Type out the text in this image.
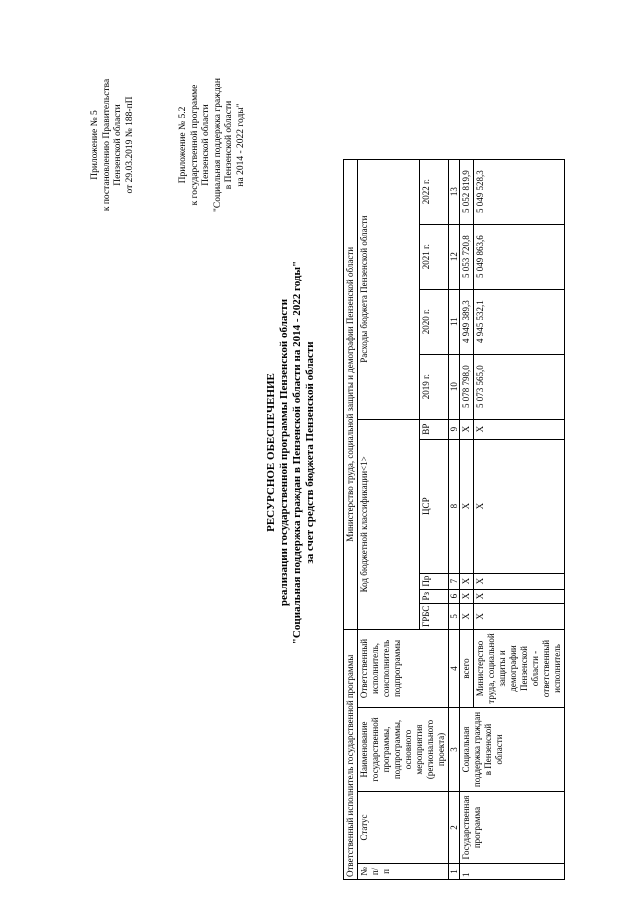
Приложение № 5 к постановлению Правительства Пензенской области от 29.03.2019 № 188-пП	Приложение № 5.2 к государственной программе Пензенской области "Социальная поддержка граждан в Пензенской области на 2014 - 2022 годы"
РЕСУРСНОЕ ОБЕСПЕЧЕНИЕ реализации государственной программы Пензенской области "Социальная поддержка граждан в Пензенской области на 2014 - 2022 годы" за счет средств бюджета Пензенской области
Ответственный исполнитель государственной программы				Министерство труда, социальной защиты и демографии Пензенской области								
№ п/п	Статус	Наименование государственной программы, подпрограммы, основного мероприятия (регионального проекта)	Ответственный исполнитель, соисполнитель подпрограммы	Код бюджетной классификации<1>					Расходы бюджета Пензенской области			
				ГРБС	Рз	Пр	ЦСР	ВР	2019 г.	2020 г.	2021 г.	2022 г.
1	2	3	4	5	6	7	8	9	10	11	12	13
1	Государственная программа	Социальная поддержка граждан в Пензенской области	всего	X	X	X	X	X	5 078 798,0	4 949 389,3	5 053 720,8	5 052 819,9
			Министерство труда, социальной защиты и демографии Пензенской области - ответственный исполнитель	X	X	X	X	X	5 073 565,0	4 945 532,1	5 049 863,6	5 049 528,3
